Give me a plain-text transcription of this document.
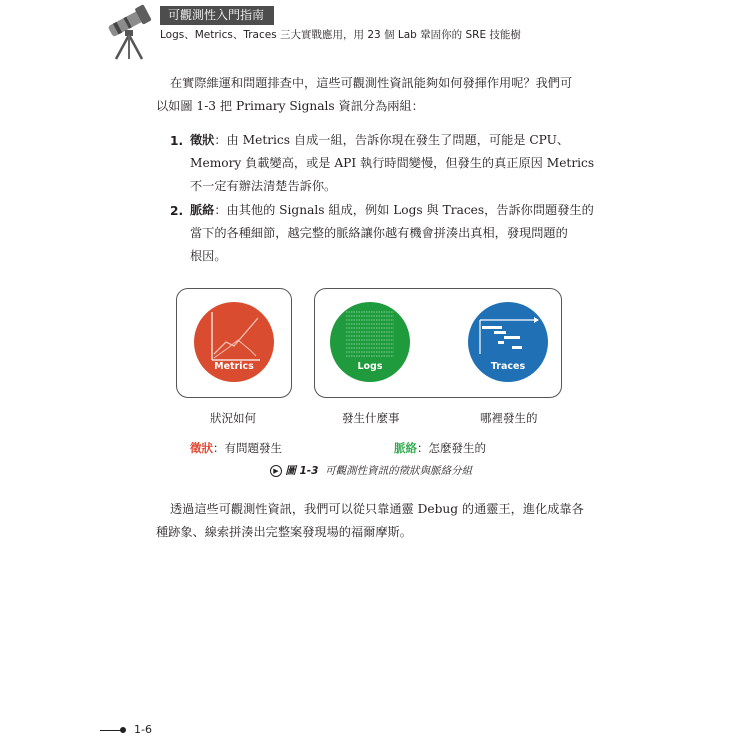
可觀測性入門指南
Logs、Metrics、Traces 三大實戰應用，用 23 個 Lab 鞏固你的 SRE 技能樹
在實際維運和問題排查中，這些可觀測性資訊能夠如何發揮作用呢？我們可
以如圖 1-3 把 Primary Signals 資訊分為兩組：
1. 徵狀：由 Metrics 自成一組，告訴你現在發生了問題，可能是 CPU、
Memory 負載變高，或是 API 執行時間變慢，但發生的真正原因 Metrics
不一定有辦法清楚告訴你。
2. 脈絡：由其他的 Signals 組成，例如 Logs 與 Traces，告訴你問題發生的
當下的各種細節，越完整的脈絡讓你越有機會拼湊出真相，發現問題的
根因。
Metrics	Logs	Traces
狀況如何	發生什麼事	哪裡發生的
徵狀：有問題發生	脈絡：怎麼發生的
▶ 圖 1-3 可觀測性資訊的徵狀與脈絡分組
透過這些可觀測性資訊，我們可以從只靠通靈 Debug 的通靈王，進化成靠各
種跡象、線索拼湊出完整案發現場的福爾摩斯。
1-6
